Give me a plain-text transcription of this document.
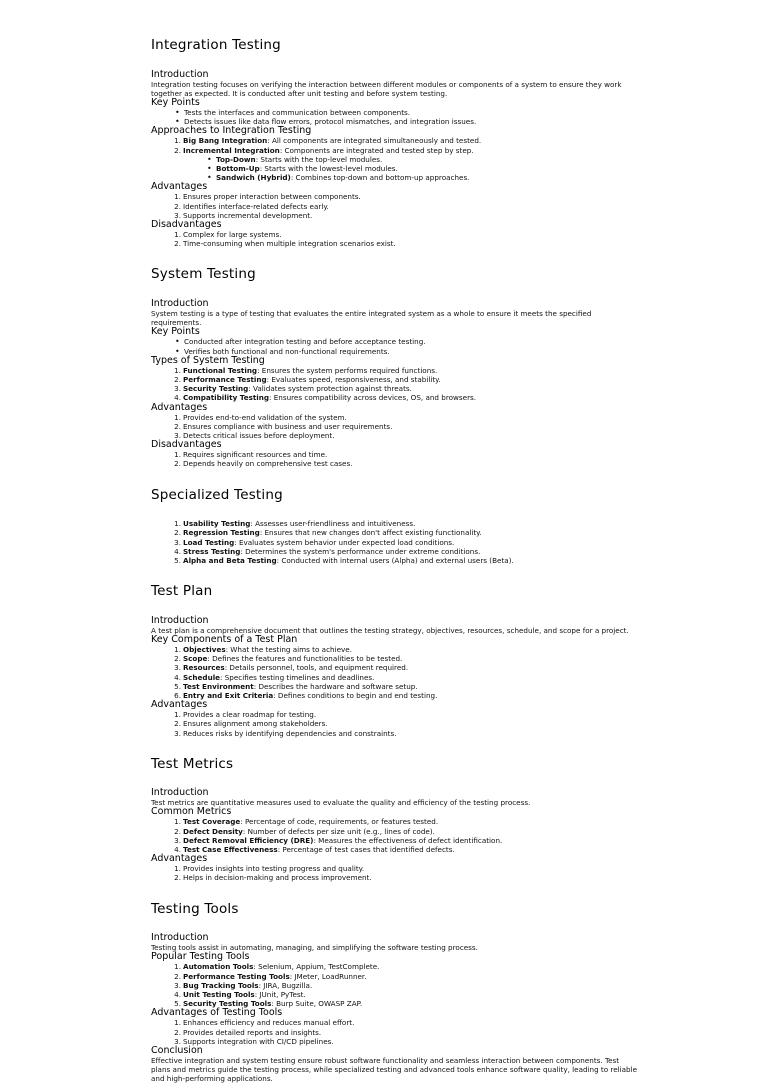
Integration Testing
Introduction

Integration testing focuses on verifying the interaction between different modules or components of a system to ensure they work together as expected. It is conducted after unit testing and before system testing.

Key Points
• Tests the interfaces and communication between components.
• Detects issues like data flow errors, protocol mismatches, and integration issues.
Approaches to Integration Testing
1. Big Bang Integration: All components are integrated simultaneously and tested.
2. Incremental Integration: Components are integrated and tested step by step.
• Top-Down: Starts with the top-level modules.
• Bottom-Up: Starts with the lowest-level modules.
• Sandwich (Hybrid): Combines top-down and bottom-up approaches.
Advantages
1. Ensures proper interaction between components.
2. Identifies interface-related defects early.
3. Supports incremental development.
Disadvantages
1. Complex for large systems.
2. Time-consuming when multiple integration scenarios exist.
System Testing
Introduction

System testing is a type of testing that evaluates the entire integrated system as a whole to ensure it meets the specified requirements.

Key Points
• Conducted after integration testing and before acceptance testing.
• Verifies both functional and non-functional requirements.
Types of System Testing
1. Functional Testing: Ensures the system performs required functions.
2. Performance Testing: Evaluates speed, responsiveness, and stability.
3. Security Testing: Validates system protection against threats.
4. Compatibility Testing: Ensures compatibility across devices, OS, and browsers.
Advantages
1. Provides end-to-end validation of the system.
2. Ensures compliance with business and user requirements.
3. Detects critical issues before deployment.
Disadvantages
1. Requires significant resources and time.
2. Depends heavily on comprehensive test cases.
Specialized Testing
1. Usability Testing: Assesses user-friendliness and intuitiveness.
2. Regression Testing: Ensures that new changes don't affect existing functionality.
3. Load Testing: Evaluates system behavior under expected load conditions.
4. Stress Testing: Determines the system's performance under extreme conditions.
5. Alpha and Beta Testing: Conducted with internal users (Alpha) and external users (Beta).
Test Plan
Introduction

A test plan is a comprehensive document that outlines the testing strategy, objectives, resources, schedule, and scope for a project.

Key Components of a Test Plan
1. Objectives: What the testing aims to achieve.
2. Scope: Defines the features and functionalities to be tested.
3. Resources: Details personnel, tools, and equipment required.
4. Schedule: Specifies testing timelines and deadlines.
5. Test Environment: Describes the hardware and software setup.
6. Entry and Exit Criteria: Defines conditions to begin and end testing.
Advantages
1. Provides a clear roadmap for testing.
2. Ensures alignment among stakeholders.
3. Reduces risks by identifying dependencies and constraints.
Test Metrics
Introduction

Test metrics are quantitative measures used to evaluate the quality and efficiency of the testing process.

Common Metrics
1. Test Coverage: Percentage of code, requirements, or features tested.
2. Defect Density: Number of defects per size unit (e.g., lines of code).
3. Defect Removal Efficiency (DRE): Measures the effectiveness of defect identification.
4. Test Case Effectiveness: Percentage of test cases that identified defects.
Advantages
1. Provides insights into testing progress and quality.
2. Helps in decision-making and process improvement.
Testing Tools
Introduction

Testing tools assist in automating, managing, and simplifying the software testing process.

Popular Testing Tools
1. Automation Tools: Selenium, Appium, TestComplete.
2. Performance Testing Tools: JMeter, LoadRunner.
3. Bug Tracking Tools: JIRA, Bugzilla.
4. Unit Testing Tools: JUnit, PyTest.
5. Security Testing Tools: Burp Suite, OWASP ZAP.
Advantages of Testing Tools
1. Enhances efficiency and reduces manual effort.
2. Provides detailed reports and insights.
3. Supports integration with CI/CD pipelines.
Conclusion

Effective integration and system testing ensure robust software functionality and seamless interaction between components. Test plans and metrics guide the testing process, while specialized testing and advanced tools enhance software quality, leading to reliable and high-performing applications.
